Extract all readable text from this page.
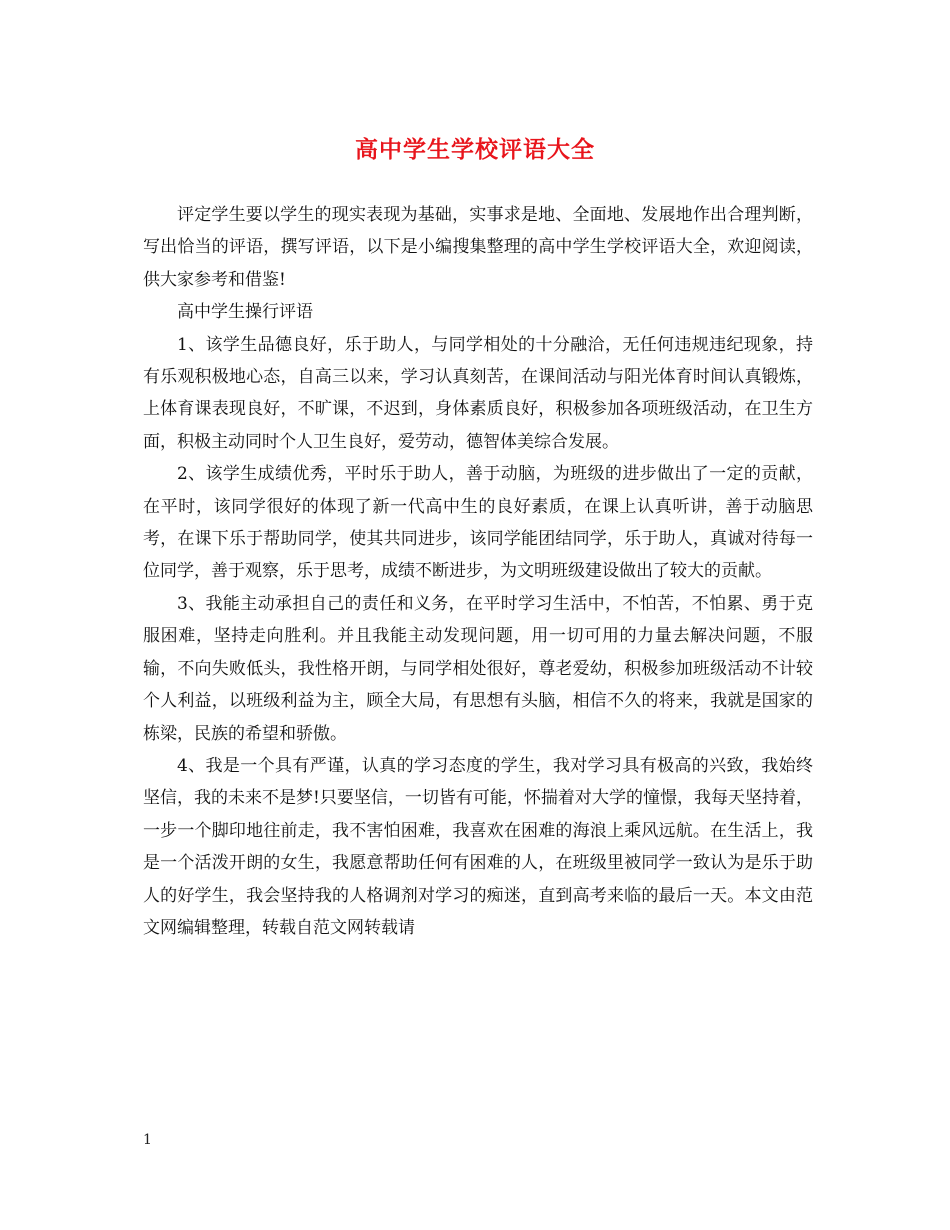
高中学生学校评语大全

评定学生要以学生的现实表现为基础，实事求是地、全面地、发展地作出合理判断，写出恰当的评语，撰写评语，以下是小编搜集整理的高中学生学校评语大全，欢迎阅读，供大家参考和借鉴!

高中学生操行评语

1、该学生品德良好，乐于助人，与同学相处的十分融洽，无任何违规违纪现象，持有乐观积极地心态，自高三以来，学习认真刻苦，在课间活动与阳光体育时间认真锻炼，上体育课表现良好，不旷课，不迟到，身体素质良好，积极参加各项班级活动，在卫生方面，积极主动同时个人卫生良好，爱劳动，德智体美综合发展。

2、该学生成绩优秀，平时乐于助人，善于动脑，为班级的进步做出了一定的贡献，在平时，该同学很好的体现了新一代高中生的良好素质，在课上认真听讲，善于动脑思考，在课下乐于帮助同学，使其共同进步，该同学能团结同学，乐于助人，真诚对待每一位同学，善于观察，乐于思考，成绩不断进步，为文明班级建设做出了较大的贡献。

3、我能主动承担自己的责任和义务，在平时学习生活中，不怕苦，不怕累、勇于克服困难，坚持走向胜利。并且我能主动发现问题，用一切可用的力量去解决问题，不服输，不向失败低头，我性格开朗，与同学相处很好，尊老爱幼，积极参加班级活动不计较个人利益，以班级利益为主，顾全大局，有思想有头脑，相信不久的将来，我就是国家的栋梁，民族的希望和骄傲。

4、我是一个具有严谨，认真的学习态度的学生，我对学习具有极高的兴致，我始终坚信，我的未来不是梦!只要坚信，一切皆有可能，怀揣着对大学的憧憬，我每天坚持着，一步一个脚印地往前走，我不害怕困难，我喜欢在困难的海浪上乘风远航。在生活上，我是一个活泼开朗的女生，我愿意帮助任何有困难的人，在班级里被同学一致认为是乐于助人的好学生，我会坚持我的人格调剂对学习的痴迷，直到高考来临的最后一天。本文由范文网编辑整理，转载自范文网转载请

1
